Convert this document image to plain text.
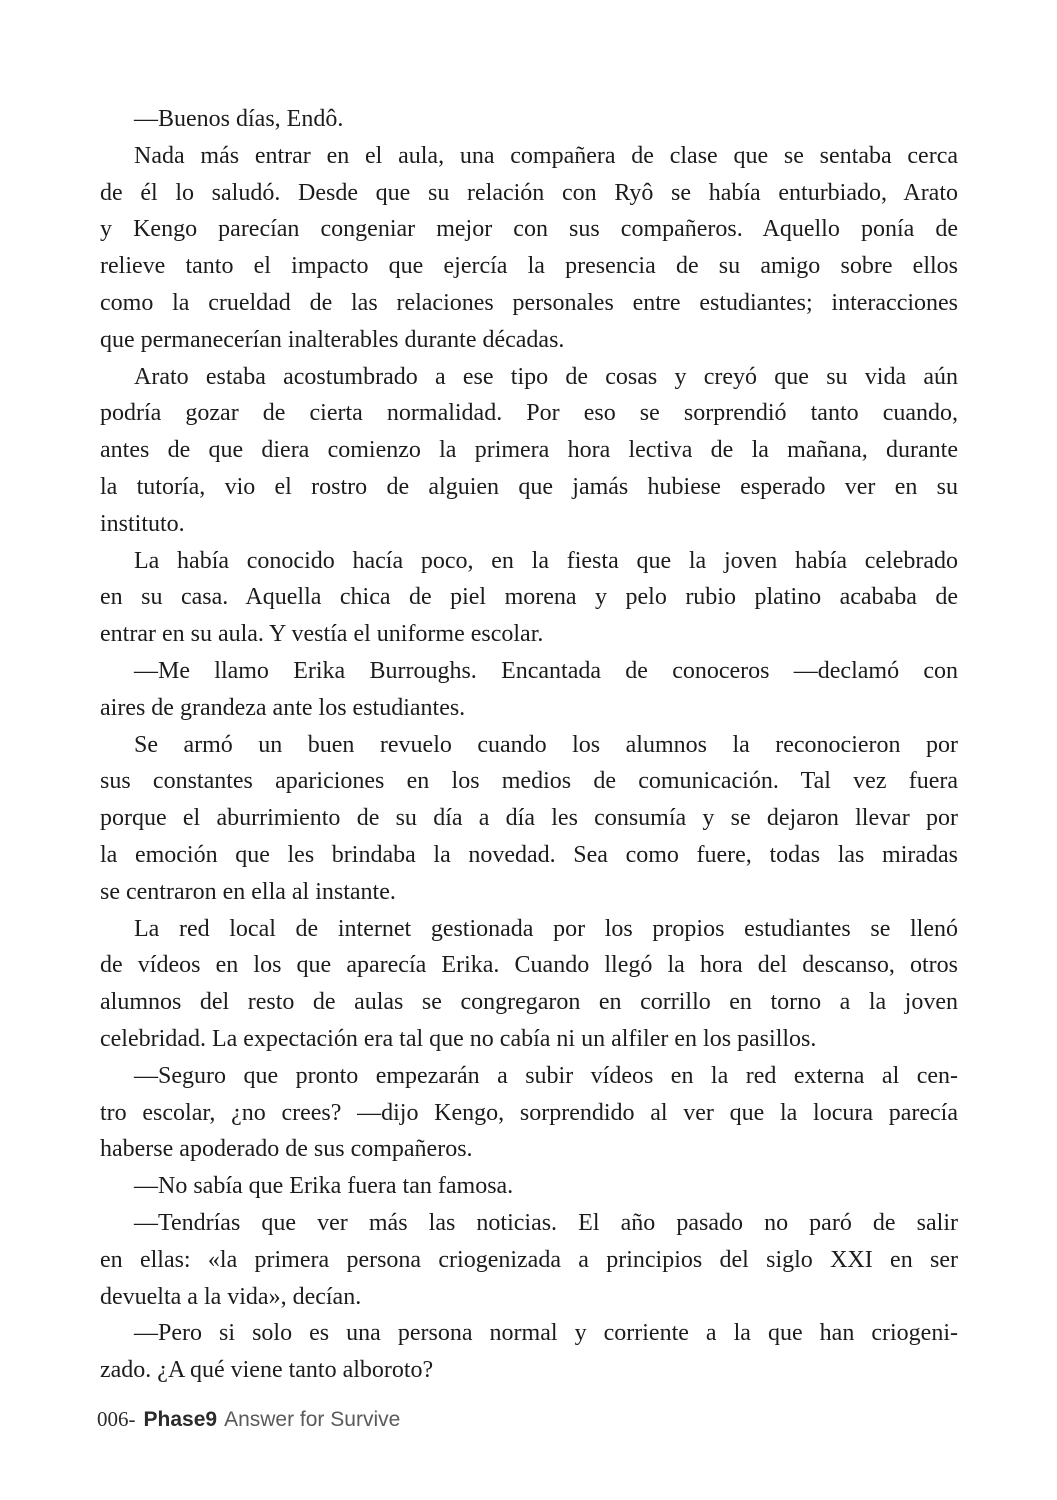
—Buenos días, Endô.
Nada más entrar en el aula, una compañera de clase que se sentaba cerca
de él lo saludó. Desde que su relación con Ryô se había enturbiado, Arato
y Kengo parecían congeniar mejor con sus compañeros. Aquello ponía de
relieve tanto el impacto que ejercía la presencia de su amigo sobre ellos
como la crueldad de las relaciones personales entre estudiantes; interacciones
que permanecerían inalterables durante décadas.
Arato estaba acostumbrado a ese tipo de cosas y creyó que su vida aún
podría gozar de cierta normalidad. Por eso se sorprendió tanto cuando,
antes de que diera comienzo la primera hora lectiva de la mañana, durante
la tutoría, vio el rostro de alguien que jamás hubiese esperado ver en su
instituto.
La había conocido hacía poco, en la fiesta que la joven había celebrado
en su casa. Aquella chica de piel morena y pelo rubio platino acababa de
entrar en su aula. Y vestía el uniforme escolar.
—Me llamo Erika Burroughs. Encantada de conoceros —declamó con
aires de grandeza ante los estudiantes.
Se armó un buen revuelo cuando los alumnos la reconocieron por
sus constantes apariciones en los medios de comunicación. Tal vez fuera
porque el aburrimiento de su día a día les consumía y se dejaron llevar por
la emoción que les brindaba la novedad. Sea como fuere, todas las miradas
se centraron en ella al instante.
La red local de internet gestionada por los propios estudiantes se llenó
de vídeos en los que aparecía Erika. Cuando llegó la hora del descanso, otros
alumnos del resto de aulas se congregaron en corrillo en torno a la joven
celebridad. La expectación era tal que no cabía ni un alfiler en los pasillos.
—Seguro que pronto empezarán a subir vídeos en la red externa al cen-
tro escolar, ¿no crees? —dijo Kengo, sorprendido al ver que la locura parecía
haberse apoderado de sus compañeros.
—No sabía que Erika fuera tan famosa.
—Tendrías que ver más las noticias. El año pasado no paró de salir
en ellas: «la primera persona criogenizada a principios del siglo XXI en ser
devuelta a la vida», decían.
—Pero si solo es una persona normal y corriente a la que han criogeni-
zado. ¿A qué viene tanto alboroto?
006- Phase9 Answer for Survive
